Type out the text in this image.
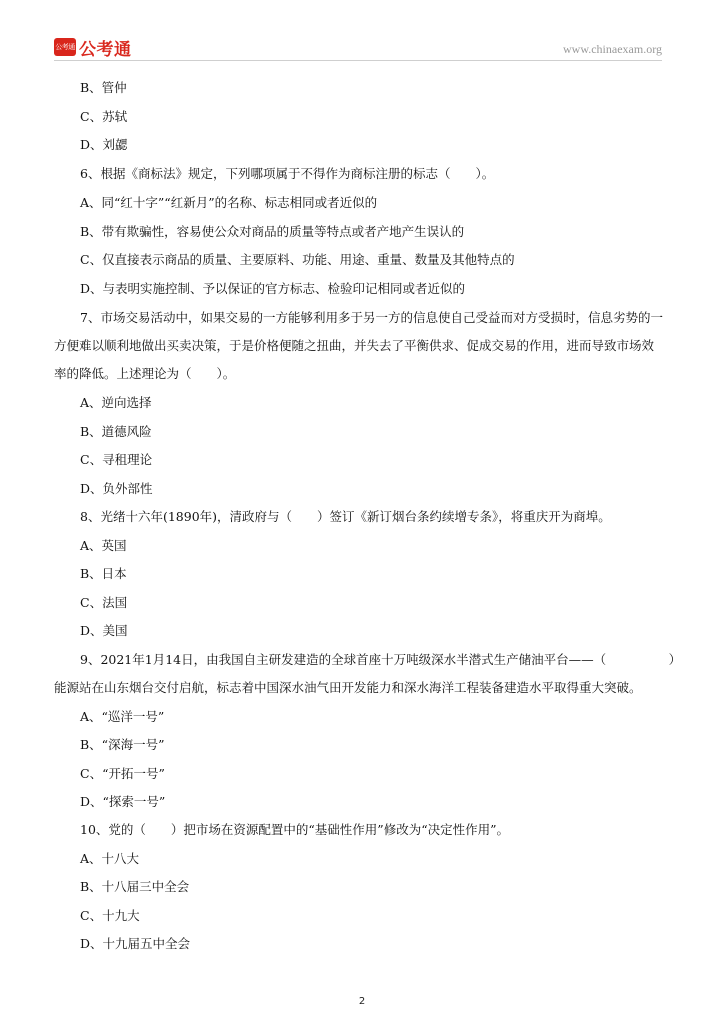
公考通 公考通	www.chinaexam.org
B、管仲
C、苏轼
D、刘勰
6、根据《商标法》规定，下列哪项属于不得作为商标注册的标志（　　）。
A、同“红十字”“红新月”的名称、标志相同或者近似的
B、带有欺骗性，容易使公众对商品的质量等特点或者产地产生误认的
C、仅直接表示商品的质量、主要原料、功能、用途、重量、数量及其他特点的
D、与表明实施控制、予以保证的官方标志、检验印记相同或者近似的
7、市场交易活动中，如果交易的一方能够利用多于另一方的信息使自己受益而对方受损时，信息劣势的一
方便难以顺利地做出买卖决策，于是价格便随之扭曲，并失去了平衡供求、促成交易的作用，进而导致市场效
率的降低。上述理论为（　　）。
A、逆向选择
B、道德风险
C、寻租理论
D、负外部性
8、光绪十六年(1890年)，清政府与（　　）签订《新订烟台条约续增专条》，将重庆开为商埠。
A、英国
B、日本
C、法国
D、美国
9、2021年1月14日，由我国自主研发建造的全球首座十万吨级深水半潜式生产储油平台——（　　　　　）
能源站在山东烟台交付启航，标志着中国深水油气田开发能力和深水海洋工程装备建造水平取得重大突破。
A、“巡洋一号”
B、“深海一号”
C、“开拓一号”
D、“探索一号”
10、党的（　　）把市场在资源配置中的“基础性作用”修改为“决定性作用”。
A、十八大
B、十八届三中全会
C、十九大
D、十九届五中全会
2
